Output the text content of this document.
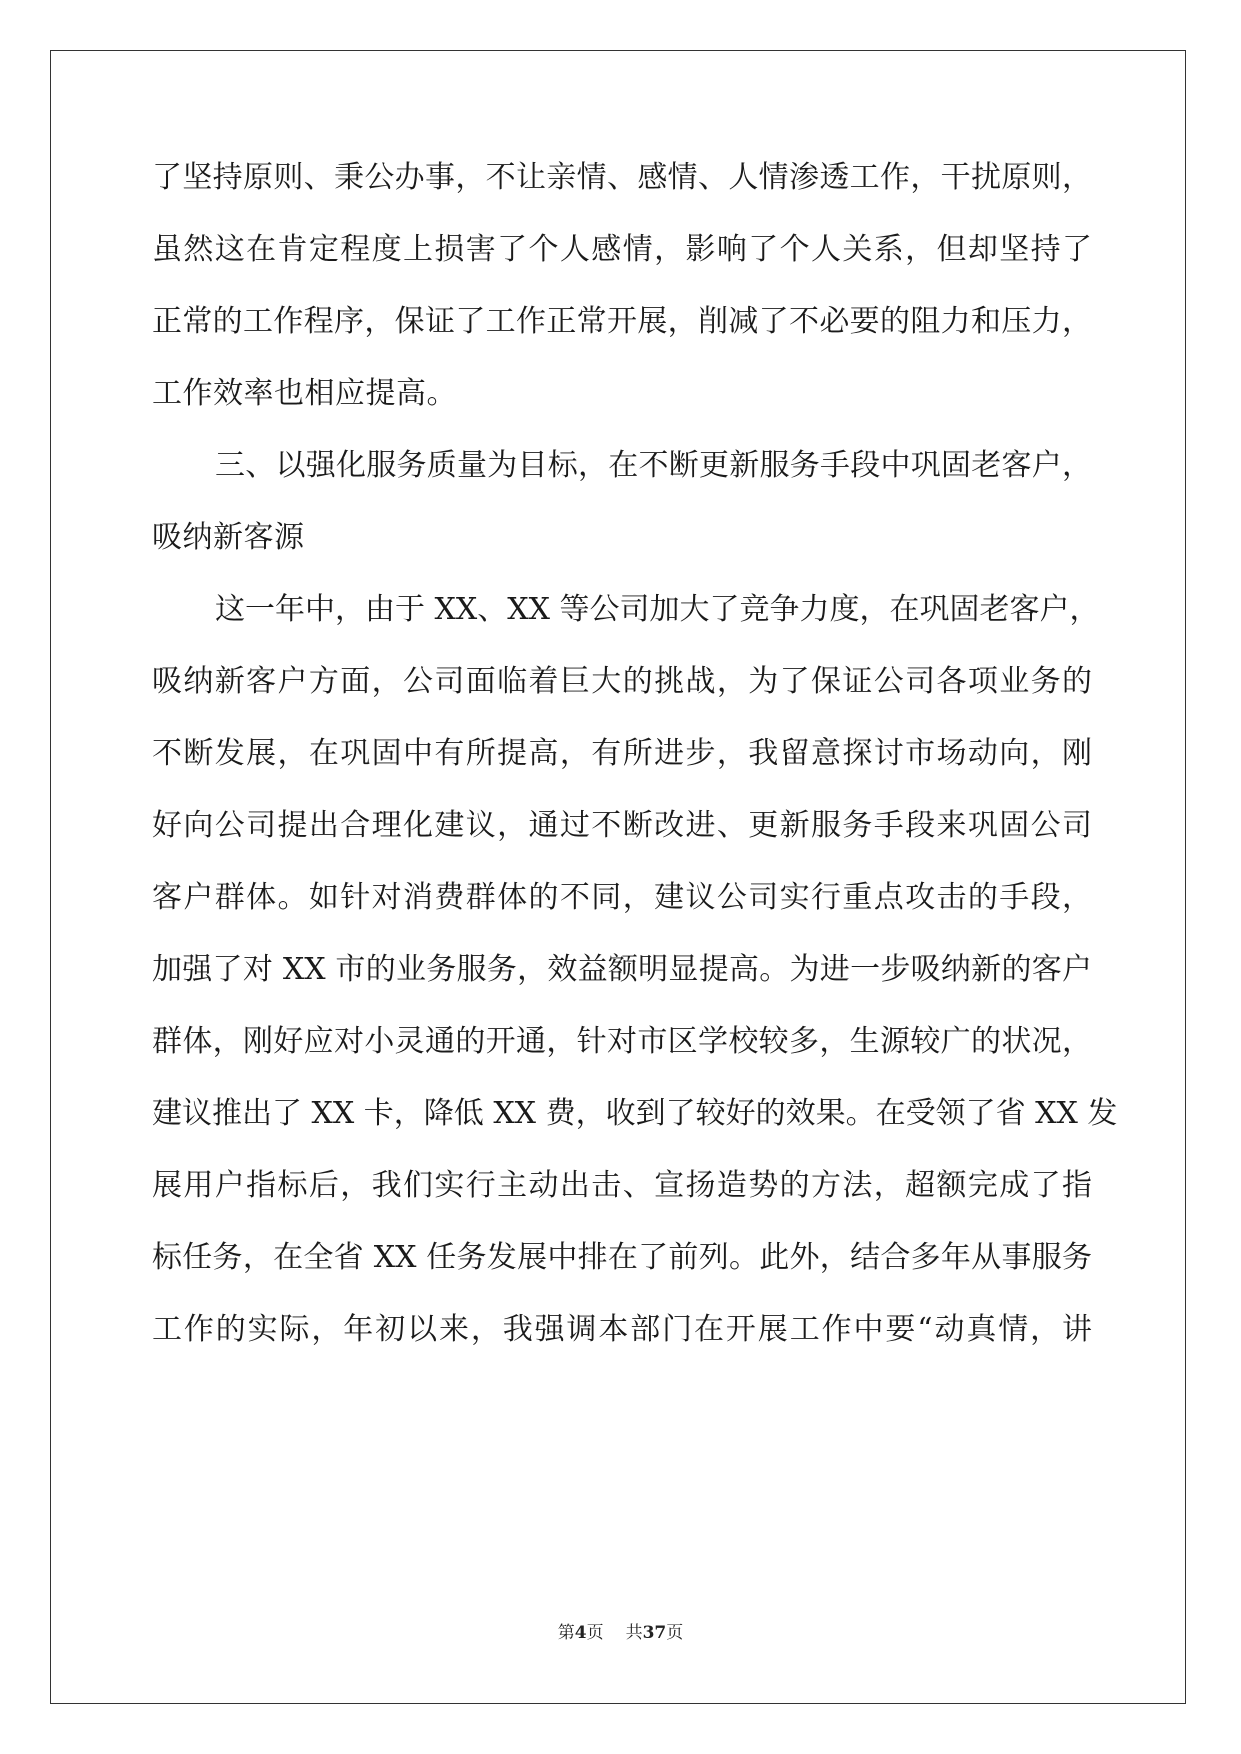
了坚持原则、秉公办事，不让亲情、感情、人情渗透工作，干扰原则，
虽然这在肯定程度上损害了个人感情，影响了个人关系，但却坚持了
正常的工作程序，保证了工作正常开展，削减了不必要的阻力和压力，
工作效率也相应提高。
三、以强化服务质量为目标，在不断更新服务手段中巩固老客户，
吸纳新客源
这一年中，由于 XX、XX 等公司加大了竞争力度，在巩固老客户，
吸纳新客户方面，公司面临着巨大的挑战，为了保证公司各项业务的
不断发展，在巩固中有所提高，有所进步，我留意探讨市场动向，刚
好向公司提出合理化建议，通过不断改进、更新服务手段来巩固公司
客户群体。如针对消费群体的不同，建议公司实行重点攻击的手段，
加强了对 XX 市的业务服务，效益额明显提高。为进一步吸纳新的客户
群体，刚好应对小灵通的开通，针对市区学校较多，生源较广的状况，
建议推出了 XX 卡，降低 XX 费，收到了较好的效果。在受领了省 XX 发
展用户指标后，我们实行主动出击、宣扬造势的方法，超额完成了指
标任务，在全省 XX 任务发展中排在了前列。此外，结合多年从事服务
工作的实际，年初以来，我强调本部门在开展工作中要“动真情，讲
第4页 共37页
